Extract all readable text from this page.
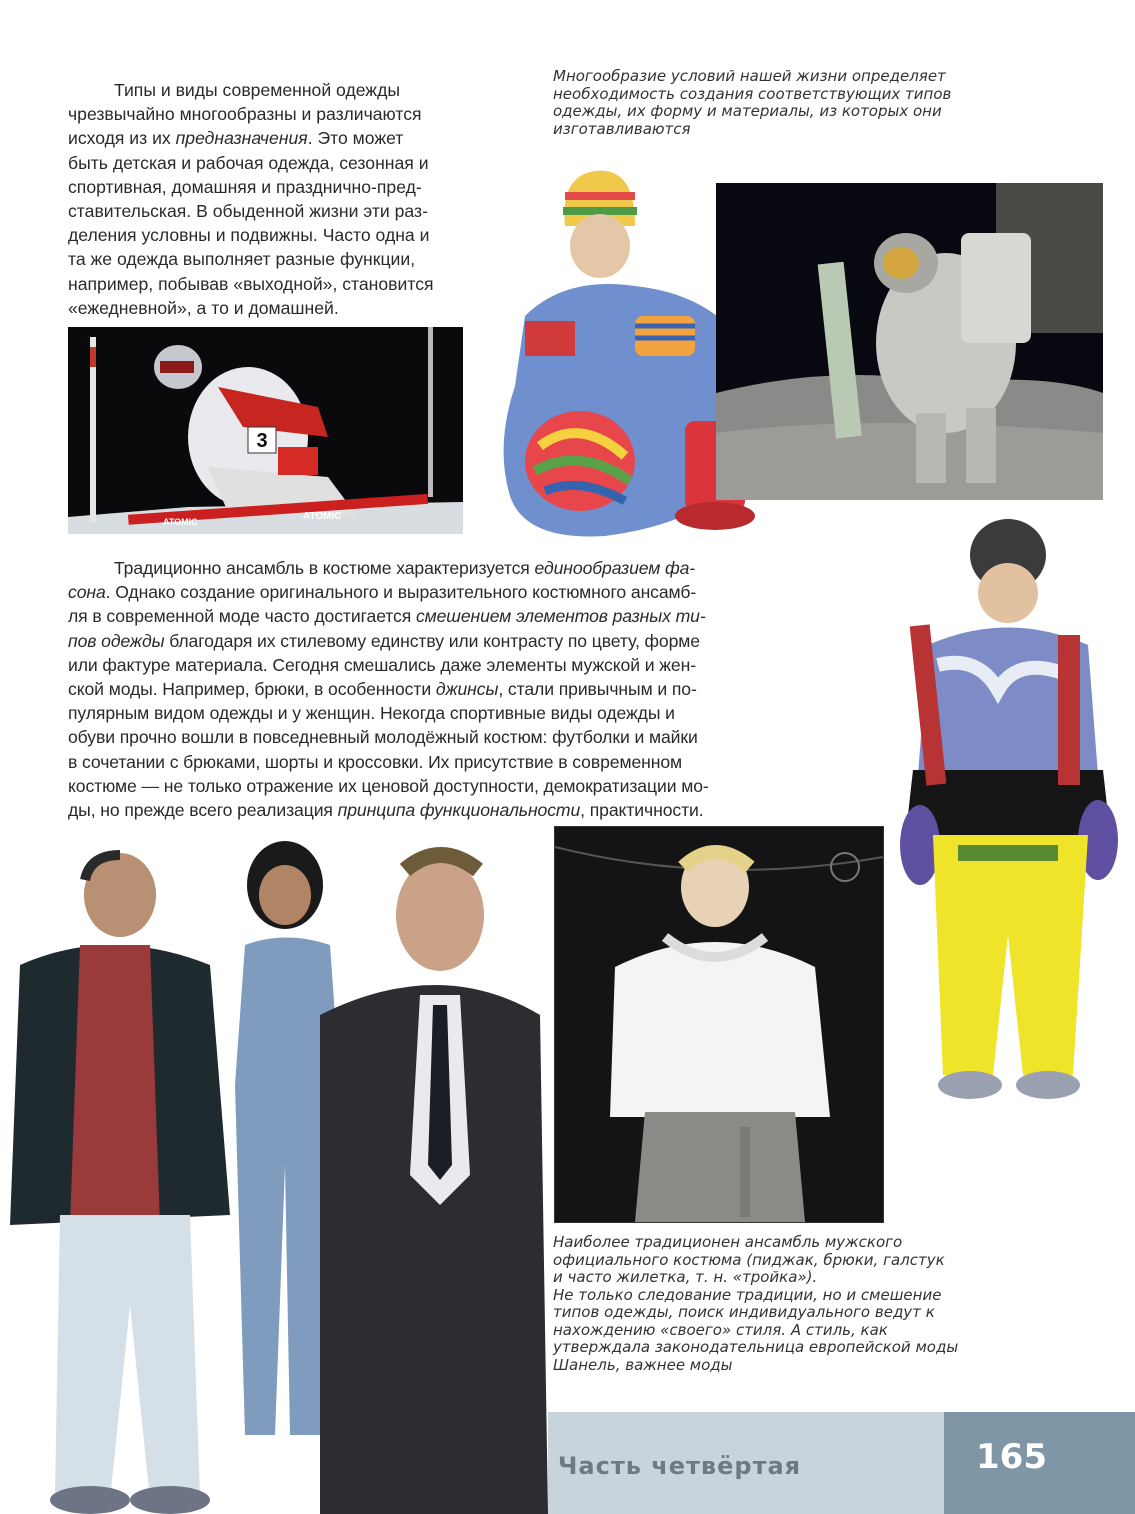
Типы и виды современной одежды
чрезвычайно многообразны и различаются
исходя из их предназначения. Это может
быть детская и рабочая одежда, сезонная и
спортивная, домашняя и празднично-пред-
ставительская. В обыденной жизни эти раз-
деления условны и подвижны. Часто одна и
та же одежда выполняет разные функции,
например, побывав «выходной», становится
«ежедневной», а то и домашней.
Многообразие условий нашей жизни определяет
необходимость создания соответствующих типов
одежды, их форму и материалы, из которых они
изготавливаются
3
ATOMIC	ATOMIC
Традиционно ансамбль в костюме характеризуется единообразием фа-
сона. Однако создание оригинального и выразительного костюмного ансамб-
ля в современной моде часто достигается смешением элементов разных ти-
пов одежды благодаря их стилевому единству или контрасту по цвету, форме
или фактуре материала. Сегодня смешались даже элементы мужской и жен-
ской моды. Например, брюки, в особенности джинсы, стали привычным и по-
пулярным видом одежды и у женщин. Некогда спортивные виды одежды и
обуви прочно вошли в повседневный молодёжный костюм: футболки и майки
в сочетании с брюками, шорты и кроссовки. Их присутствие в современном
костюме — не только отражение их ценовой доступности, демократизации мо-
ды, но прежде всего реализация принципа функциональности, практичности.
Наиболее традиционен ансамбль мужского
официального костюма (пиджак, брюки, галстук
и часто жилетка, т. н. «тройка»).
Не только следование традиции, но и смешение
типов одежды, поиск индивидуального ведут к
нахождению «своего» стиля. А стиль, как
утверждала законодательница европейской моды
Шанель, важнее моды
Часть четвёртая	165
